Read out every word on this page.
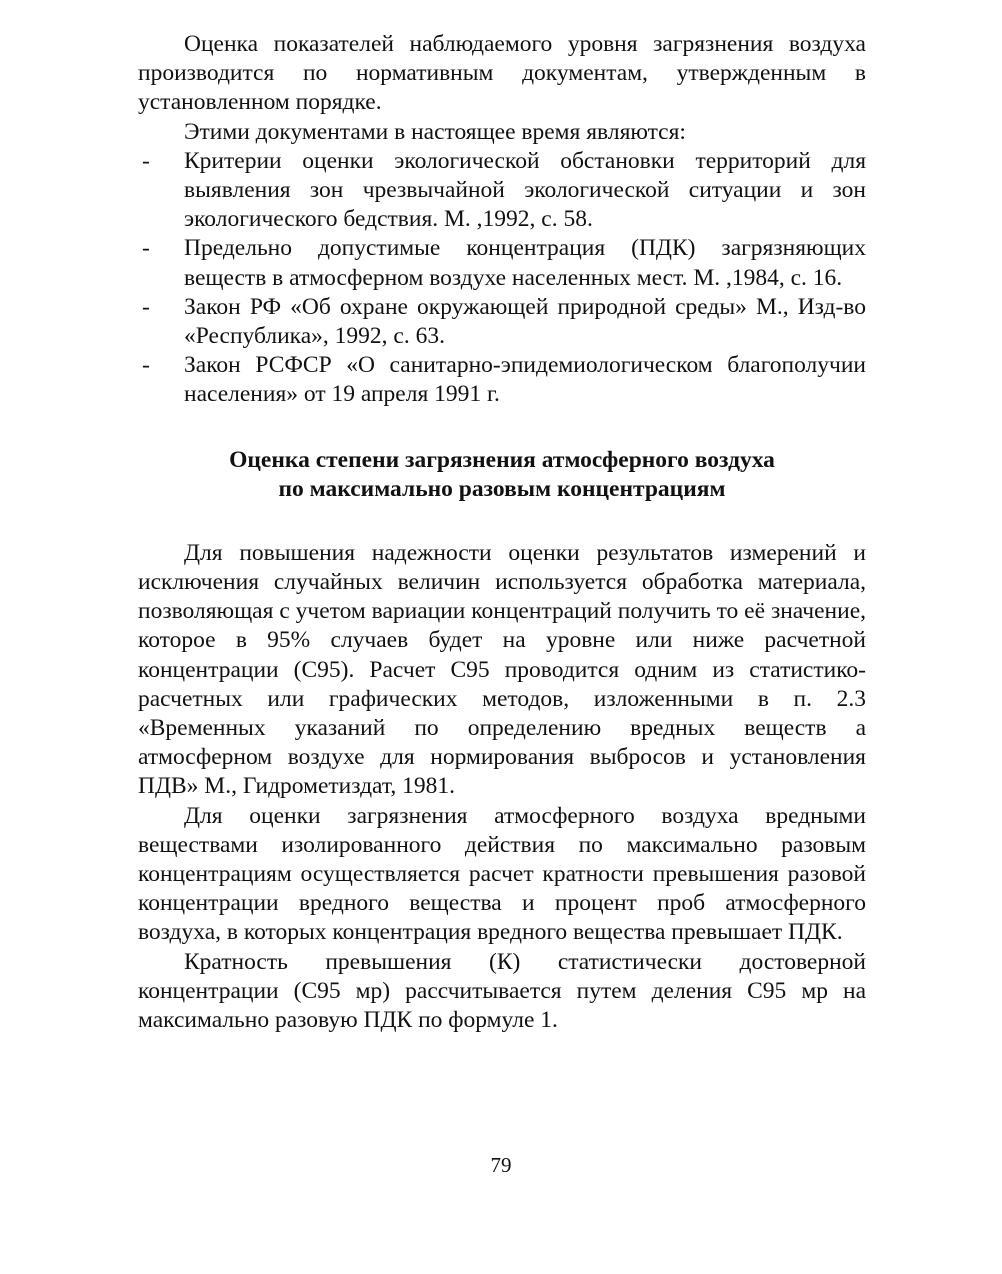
Оценка показателей наблюдаемого уровня загрязнения воздуха производится по нормативным документам, утвержденным в установленном порядке.

Этими документами в настоящее время являются:

- Критерии оценки экологической обстановки территорий для выявления зон чрезвычайной экологической ситуации и зон экологического бедствия. М. ,1992, с. 58.
- Предельно допустимые концентрация (ПДК) загрязняющих веществ в атмосферном воздухе населенных мест. М. ,1984, с. 16.
- Закон РФ «Об охране окружающей природной среды» М., Изд-во «Республика», 1992, с. 63.
- Закон РСФСР «О санитарно-эпидемиологическом благополучии населения» от 19 апреля 1991 г.
Оценка степени загрязнения атмосферного воздуха
по максимально разовым концентрациям

Для повышения надежности оценки результатов измерений и исключения случайных величин используется обработка материала, позволяющая с учетом вариации концентраций получить то её значение, которое в 95% случаев будет на уровне или ниже расчетной концентрации (С95). Расчет С95 проводится одним из статистико-расчетных или графических методов, изложенными в п. 2.3 «Временных указаний по определению вредных веществ а атмосферном воздухе для нормирования выбросов и установления ПДВ» М., Гидрометиздат, 1981.

Для оценки загрязнения атмосферного воздуха вредными веществами изолированного действия по максимально разовым концентрациям осуществляется расчет кратности превышения разовой концентрации вредного вещества и процент проб атмосферного воздуха, в которых концентрация вредного вещества превышает ПДК.

Кратность превышения (К) статистически достоверной концентрации (С95 мр) рассчитывается путем деления С95 мр на максимально разовую ПДК по формуле 1.

79
